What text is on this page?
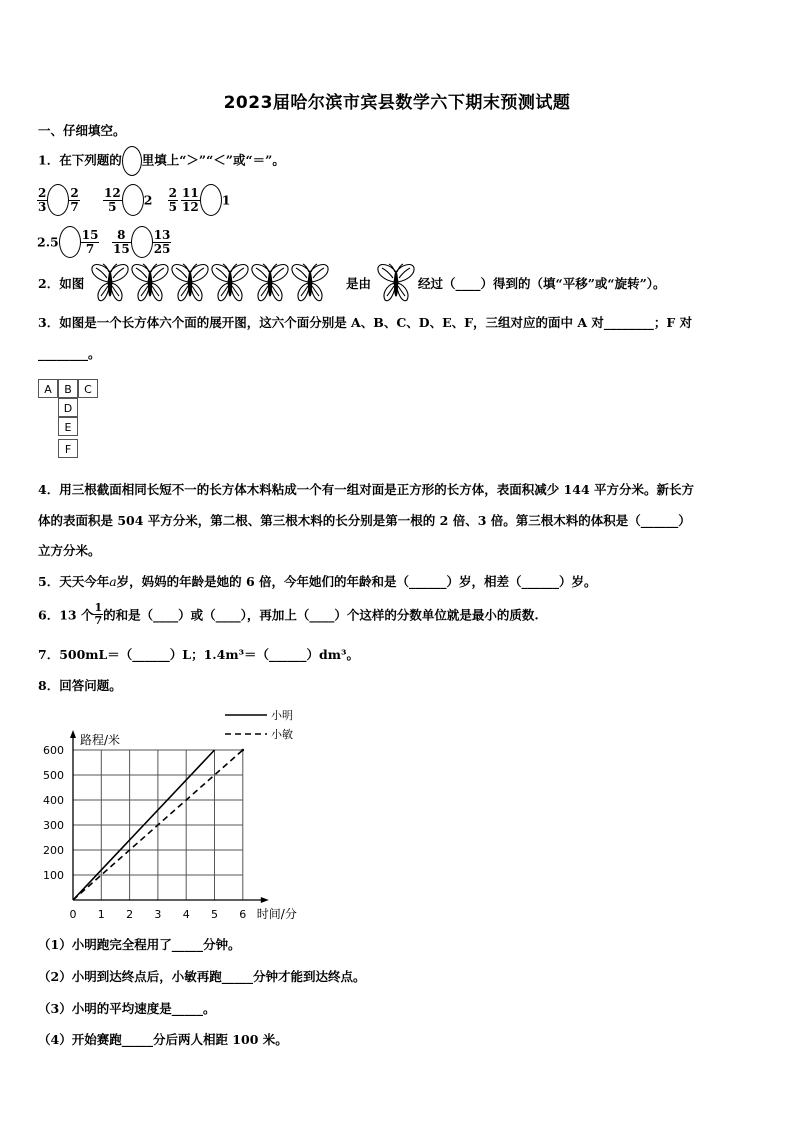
2023届哈尔滨市宾县数学六下期末预测试题
一、仔细填空。
1．在下列题的 里填上“＞”“＜”或“＝”。
$\frac{2}{3} \frac{2}{7} \frac{12}{5} 2 \frac{2}{5} \frac{11}{12} 1$
$2.5 \frac{15}{7} \frac{8}{15} \frac{13}{25}$
2．如图	是由	经过（____）得到的（填“平移”或“旋转”）。
3．如图是一个长方体六个面的展开图，这六个面分别是 A、B、C、D、E、F，三组对应的面中 A 对________；F 对
________。
A	B	C
D
E
F
4．用三根截面相同长短不一的长方体木料粘成一个有一组对面是正方形的长方体，表面积减少 144 平方分米。新长方
体的表面积是 504 平方分米，第二根、第三根木料的长分别是第一根的 2 倍、3 倍。第三根木料的体积是（______）
立方分米。
5．天天今年a岁，妈妈的年龄是她的 6 倍，今年她们的年龄和是（______）岁，相差（______）岁。
6．13 个 $\frac{1}{7}$ 的和是（____）或（____），再加上（____）个这样的分数单位就是最小的质数.
7．500mL＝（______）L；1.4m³＝（______）dm³。
8．回答问题。
0 1 2 3 4 5 6
100
200
300
400
500
600
路程/米
时间/分
小明
小敏
（1）小明跑完全程用了_____分钟。
（2）小明到达终点后，小敏再跑_____分钟才能到达终点。
（3）小明的平均速度是_____。
（4）开始赛跑_____分后两人相距 100 米。
